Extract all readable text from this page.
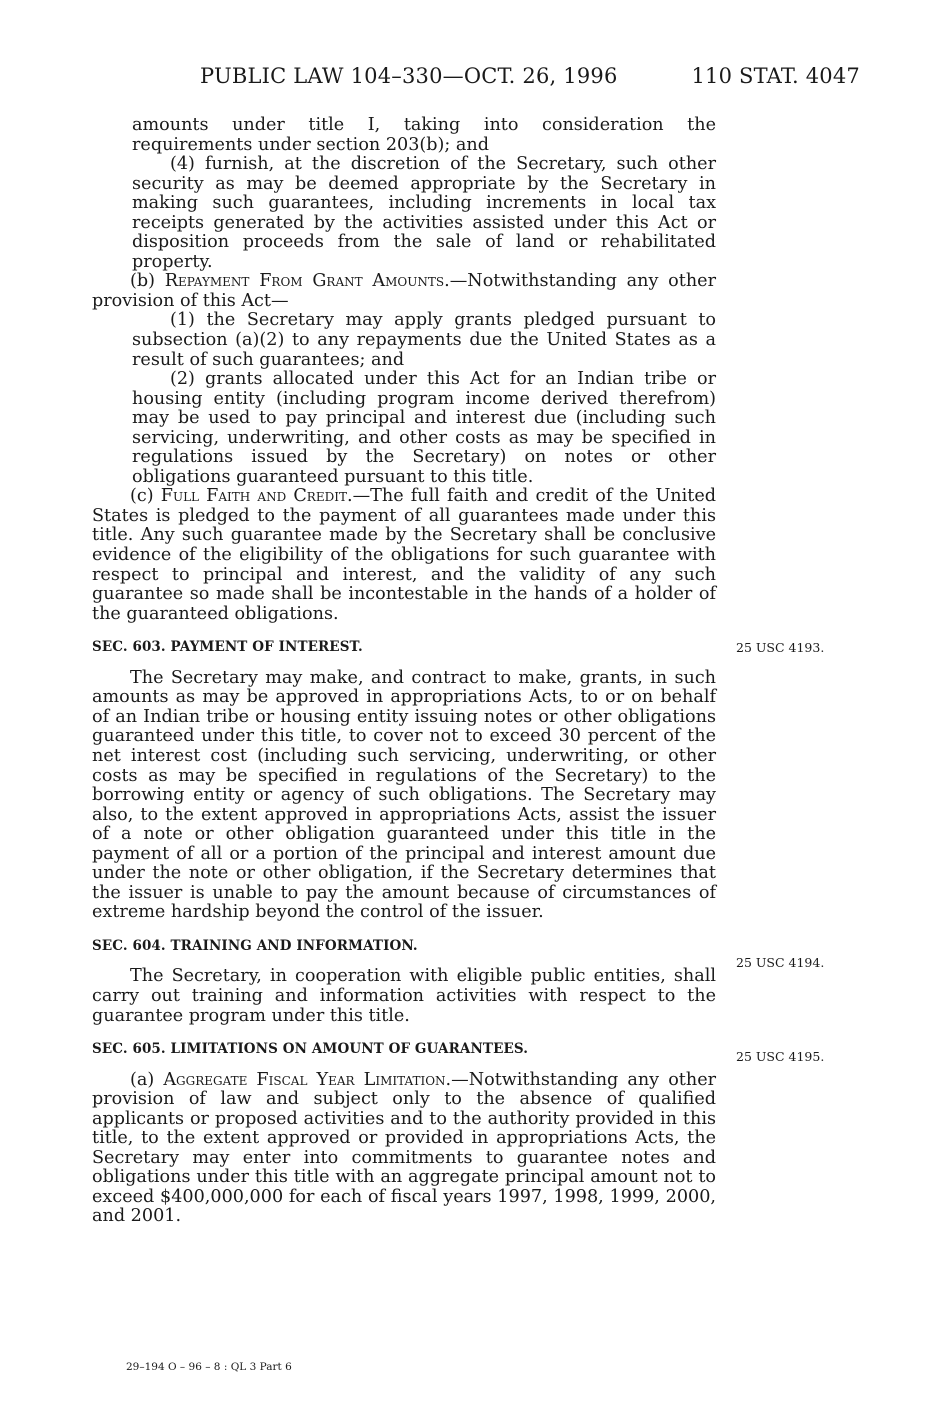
PUBLIC LAW 104–330—OCT. 26, 1996	110 STAT. 4047

amounts under title I, taking into consideration the requirements under section 203(b); and

(4) furnish, at the discretion of the Secretary, such other security as may be deemed appropriate by the Secretary in making such guarantees, including increments in local tax receipts generated by the activities assisted under this Act or disposition proceeds from the sale of land or rehabilitated property.

(b) Repayment From Grant Amounts.—Notwithstanding any other provision of this Act—

(1) the Secretary may apply grants pledged pursuant to subsection (a)(2) to any repayments due the United States as a result of such guarantees; and

(2) grants allocated under this Act for an Indian tribe or housing entity (including program income derived therefrom) may be used to pay principal and interest due (including such servicing, underwriting, and other costs as may be specified in regulations issued by the Secretary) on notes or other obligations guaranteed pursuant to this title.

(c) Full Faith and Credit.—The full faith and credit of the United States is pledged to the payment of all guarantees made under this title. Any such guarantee made by the Secretary shall be conclusive evidence of the eligibility of the obligations for such guarantee with respect to principal and interest, and the validity of any such guarantee so made shall be incontestable in the hands of a holder of the guaranteed obligations.

SEC. 603. PAYMENT OF INTEREST.

The Secretary may make, and contract to make, grants, in such amounts as may be approved in appropriations Acts, to or on behalf of an Indian tribe or housing entity issuing notes or other obligations guaranteed under this title, to cover not to exceed 30 percent of the net interest cost (including such servicing, underwriting, or other costs as may be specified in regulations of the Secretary) to the borrowing entity or agency of such obligations. The Secretary may also, to the extent approved in appropriations Acts, assist the issuer of a note or other obligation guaranteed under this title in the payment of all or a portion of the principal and interest amount due under the note or other obligation, if the Secretary determines that the issuer is unable to pay the amount because of circumstances of extreme hardship beyond the control of the issuer.

SEC. 604. TRAINING AND INFORMATION.

The Secretary, in cooperation with eligible public entities, shall carry out training and information activities with respect to the guarantee program under this title.

SEC. 605. LIMITATIONS ON AMOUNT OF GUARANTEES.

(a) Aggregate Fiscal Year Limitation.—Notwithstanding any other provision of law and subject only to the absence of qualified applicants or proposed activities and to the authority provided in this title, to the extent approved or provided in appropriations Acts, the Secretary may enter into commitments to guarantee notes and obligations under this title with an aggregate principal amount not to exceed $400,000,000 for each of fiscal years 1997, 1998, 1999, 2000, and 2001.

25 USC 4193.
25 USC 4194.
25 USC 4195.
29–194 O – 96 – 8 : QL 3 Part 6
